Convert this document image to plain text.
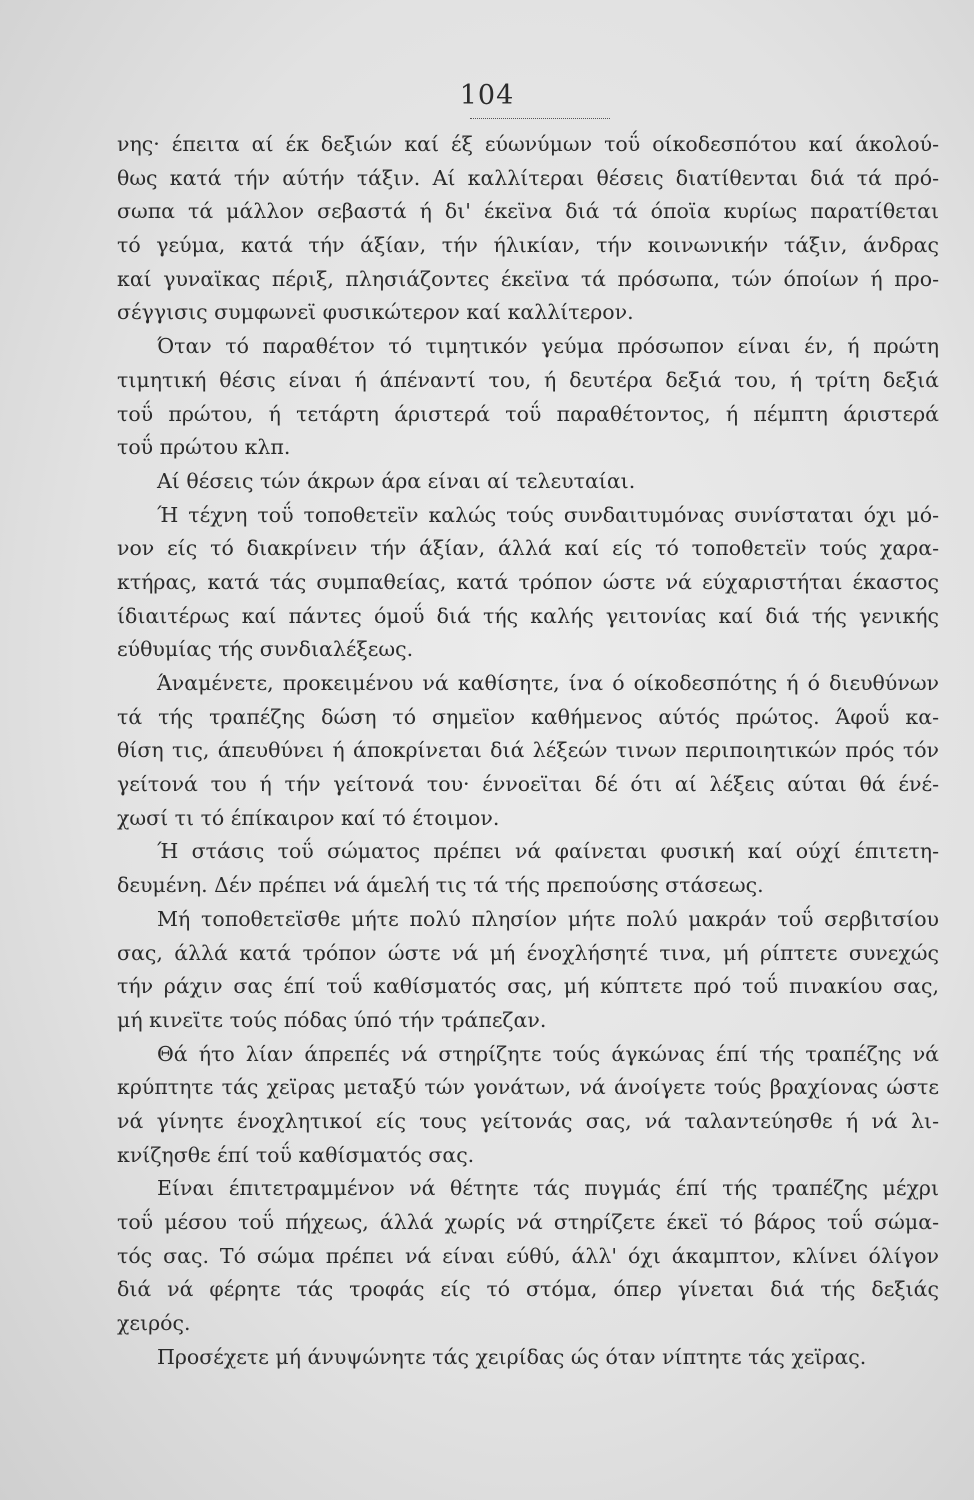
104
νης· έπειτα αί έκ δεξιών καί έξ εύωνύμων τοΰ οίκοδεσπότου καί άκολού-
θως κατά τήν αύτήν τάξιν. Αί καλλίτεραι θέσεις διατίθενται διά τά πρό-
σωπα τά μάλλον σεβαστά ή δι' έκεϊνα διά τά όποϊα κυρίως παρατίθεται
τό γεύμα, κατά τήν άξίαν, τήν ήλικίαν, τήν κοινωνικήν τάξιν, άνδρας
καί γυναϊκας πέριξ, πλησιάζοντες έκεϊνα τά πρόσωπα, τών όποίων ή προ-
σέγγισις συμφωνεϊ φυσικώτερον καί καλλίτερον.
Όταν τό παραθέτον τό τιμητικόν γεύμα πρόσωπον είναι έν, ή πρώτη
τιμητική θέσις είναι ή άπέναντί του, ή δευτέρα δεξιά του, ή τρίτη δεξιά
τοΰ πρώτου, ή τετάρτη άριστερά τοΰ παραθέτοντος, ή πέμπτη άριστερά
τοΰ πρώτου κλπ.
Αί θέσεις τών άκρων άρα είναι αί τελευταίαι.
Ή τέχνη τοΰ τοποθετεϊν καλώς τούς συνδαιτυμόνας συνίσταται όχι μό-
νον είς τό διακρίνειν τήν άξίαν, άλλά καί είς τό τοποθετεϊν τούς χαρα-
κτήρας, κατά τάς συμπαθείας, κατά τρόπον ώστε νά εύχαριστήται έκαστος
ίδιαιτέρως καί πάντες όμοΰ διά τής καλής γειτονίας καί διά τής γενικής
εύθυμίας τής συνδιαλέξεως.
Άναμένετε, προκειμένου νά καθίσητε, ίνα ό οίκοδεσπότης ή ό διευθύνων
τά τής τραπέζης δώση τό σημεϊον καθήμενος αύτός πρώτος. Άφοΰ κα-
θίση τις, άπευθύνει ή άποκρίνεται διά λέξεών τινων περιποιητικών πρός τόν
γείτονά του ή τήν γείτονά του· έννοεϊται δέ ότι αί λέξεις αύται θά ένέ-
χωσί τι τό έπίκαιρον καί τό έτοιμον.
Ή στάσις τοΰ σώματος πρέπει νά φαίνεται φυσική καί ούχί έπιτετη-
δευμένη. Δέν πρέπει νά άμελή τις τά τής πρεπούσης στάσεως.
Μή τοποθετεϊσθε μήτε πολύ πλησίον μήτε πολύ μακράν τοΰ σερβιτσίου
σας, άλλά κατά τρόπον ώστε νά μή ένοχλήσητέ τινα, μή ρίπτετε συνεχώς
τήν ράχιν σας έπί τοΰ καθίσματός σας, μή κύπτετε πρό τοΰ πινακίου σας,
μή κινεϊτε τούς πόδας ύπό τήν τράπεζαν.
Θά ήτο λίαν άπρεπές νά στηρίζητε τούς άγκώνας έπί τής τραπέζης νά
κρύπτητε τάς χεϊρας μεταξύ τών γονάτων, νά άνοίγετε τούς βραχίονας ώστε
νά γίνητε ένοχλητικοί είς τους γείτονάς σας, νά ταλαντεύησθε ή νά λι-
κνίζησθε έπί τοΰ καθίσματός σας.
Είναι έπιτετραμμένον νά θέτητε τάς πυγμάς έπί τής τραπέζης μέχρι
τοΰ μέσου τοΰ πήχεως, άλλά χωρίς νά στηρίζετε έκεϊ τό βάρος τοΰ σώμα-
τός σας. Τό σώμα πρέπει νά είναι εύθύ, άλλ' όχι άκαμπτον, κλίνει όλίγον
διά νά φέρητε τάς τροφάς είς τό στόμα, όπερ γίνεται διά τής δεξιάς
χειρός.
Προσέχετε μή άνυψώνητε τάς χειρίδας ώς όταν νίπτητε τάς χεϊρας.
